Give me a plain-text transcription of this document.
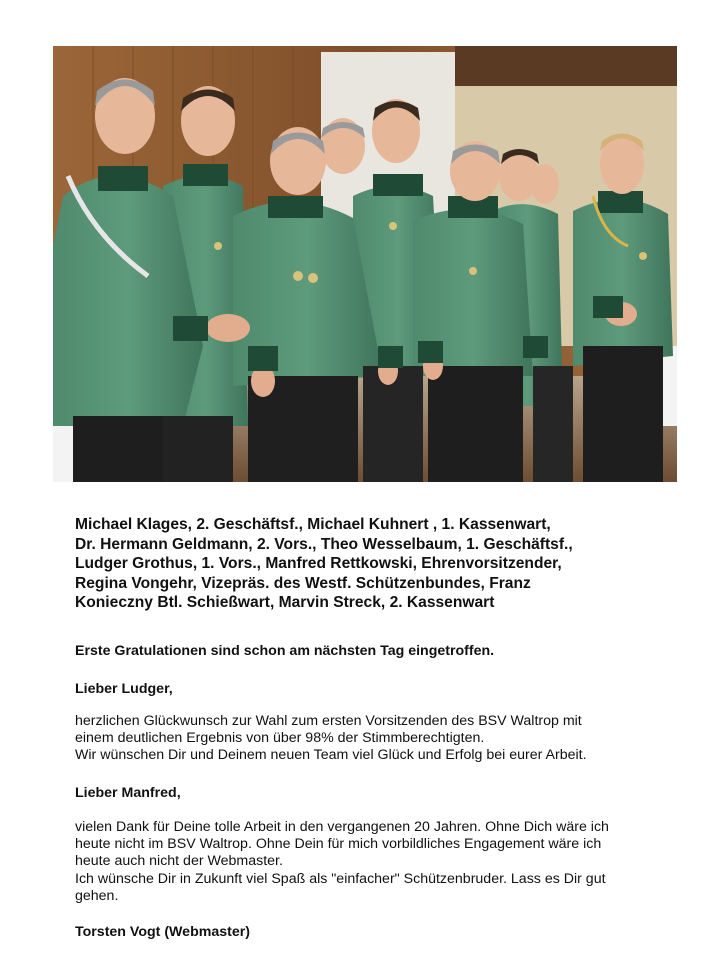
Michael Klages, 2. Geschäftsf., Michael Kuhnert , 1. Kassenwart,
Dr. Hermann Geldmann, 2. Vors., Theo Wesselbaum, 1. Geschäftsf.,
Ludger Grothus, 1. Vors., Manfred Rettkowski, Ehrenvorsitzender,
Regina Vongehr, Vizepräs. des Westf. Schützenbundes, Franz
Konieczny Btl. Schießwart, Marvin Streck, 2. Kassenwart

Erste Gratulationen sind schon am nächsten Tag eingetroffen.

Lieber Ludger,

herzlichen Glückwunsch zur Wahl zum ersten Vorsitzenden des BSV Waltrop mit
einem deutlichen Ergebnis von über 98% der Stimmberechtigten.
Wir wünschen Dir und Deinem neuen Team viel Glück und Erfolg bei eurer Arbeit.

Lieber Manfred,

vielen Dank für Deine tolle Arbeit in den vergangenen 20 Jahren. Ohne Dich wäre ich
heute nicht im BSV Waltrop. Ohne Dein für mich vorbildliches Engagement wäre ich
heute auch nicht der Webmaster.
Ich wünsche Dir in Zukunft viel Spaß als "einfacher" Schützenbruder. Lass es Dir gut
gehen.

Torsten Vogt (Webmaster)
